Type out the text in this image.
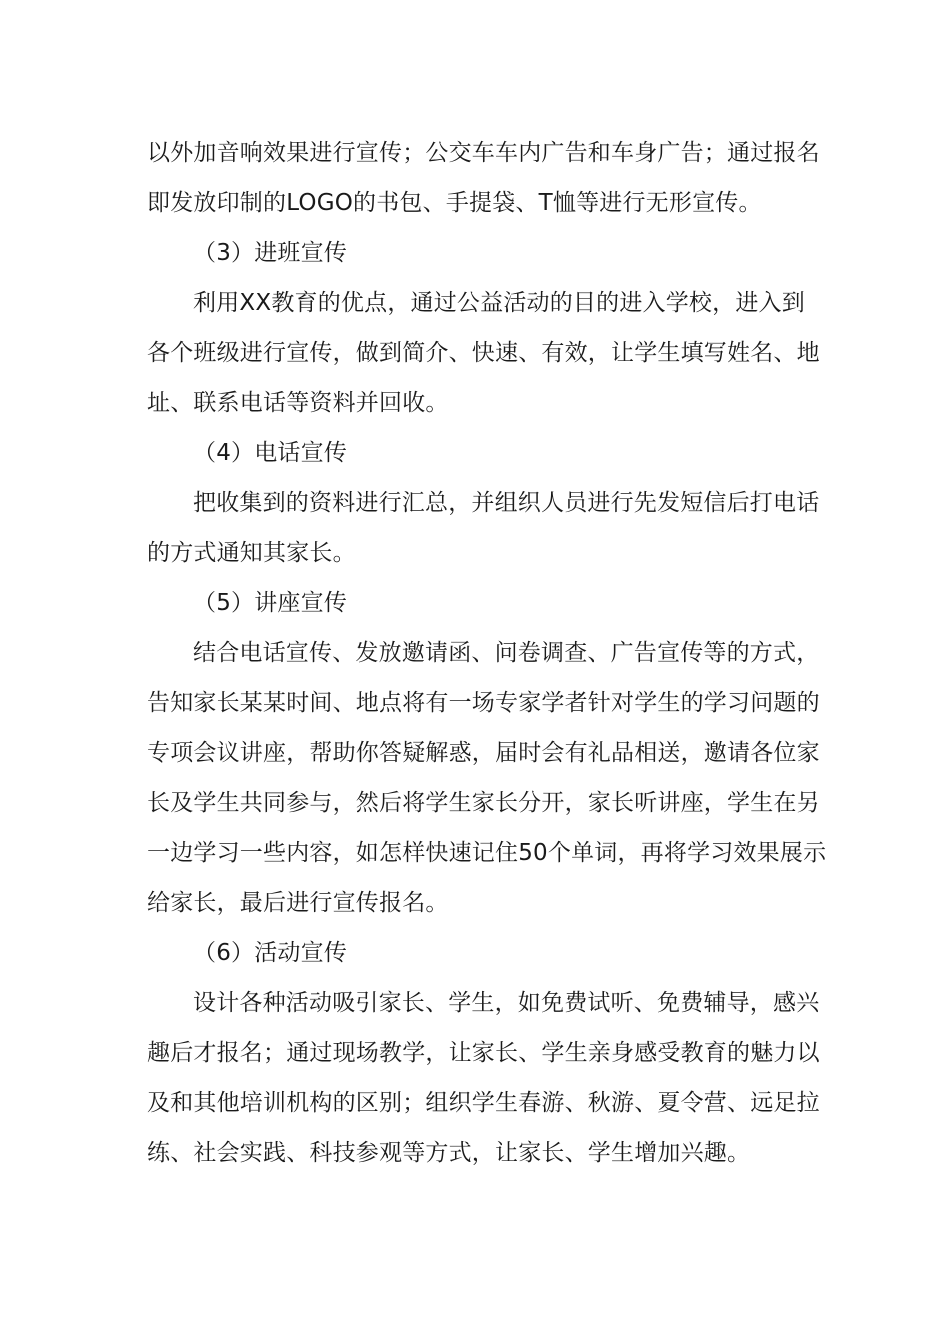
以外加音响效果进行宣传；公交车车内广告和车身广告；通过报名
即发放印制的LOGO的书包、手提袋、T恤等进行无形宣传。
（3）进班宣传
利用XX教育的优点，通过公益活动的目的进入学校，进入到
各个班级进行宣传，做到简介、快速、有效，让学生填写姓名、地
址、联系电话等资料并回收。
（4）电话宣传
把收集到的资料进行汇总，并组织人员进行先发短信后打电话
的方式通知其家长。
（5）讲座宣传
结合电话宣传、发放邀请函、问卷调查、广告宣传等的方式，
告知家长某某时间、地点将有一场专家学者针对学生的学习问题的
专项会议讲座，帮助你答疑解惑，届时会有礼品相送，邀请各位家
长及学生共同参与，然后将学生家长分开，家长听讲座，学生在另
一边学习一些内容，如怎样快速记住50个单词，再将学习效果展示
给家长，最后进行宣传报名。
（6）活动宣传
设计各种活动吸引家长、学生，如免费试听、免费辅导，感兴
趣后才报名；通过现场教学，让家长、学生亲身感受教育的魅力以
及和其他培训机构的区别；组织学生春游、秋游、夏令营、远足拉
练、社会实践、科技参观等方式，让家长、学生增加兴趣。
